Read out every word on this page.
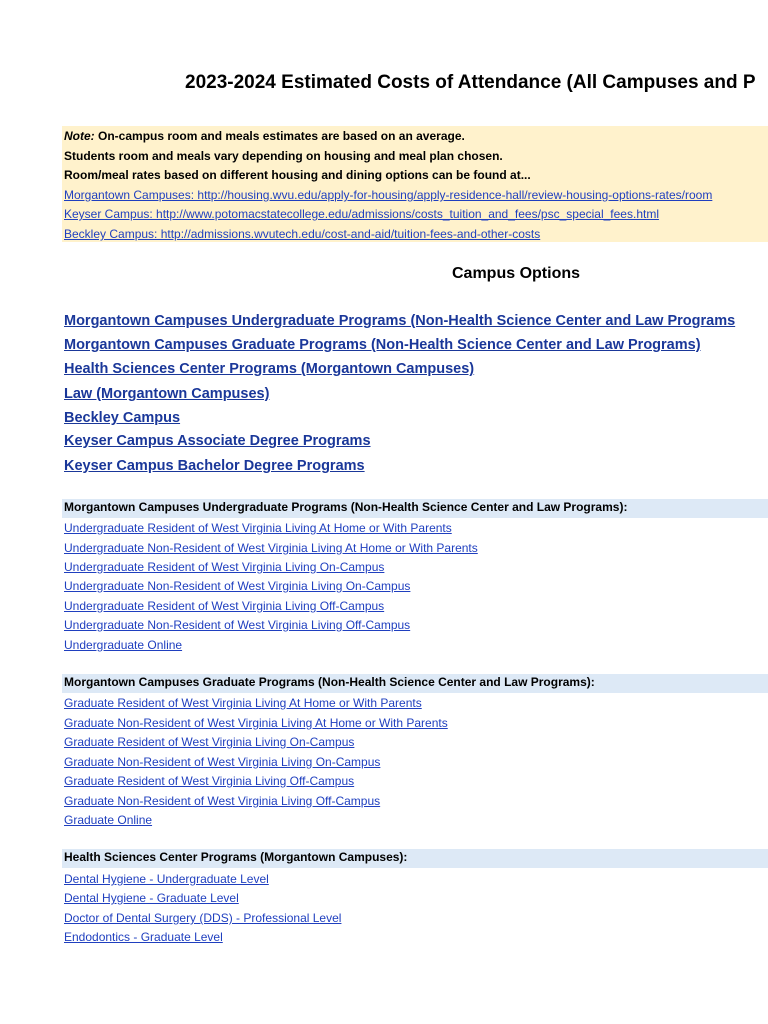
2023-2024 Estimated Costs of Attendance (All Campuses and P
Note: On-campus room and meals estimates are based on an average.
Students room and meals vary depending on housing and meal plan chosen.
Room/meal rates based on different housing and dining options can be found at...
Morgantown Campuses: http://housing.wvu.edu/apply-for-housing/apply-residence-hall/review-housing-options-rates/room
Keyser Campus: http://www.potomacstatecollege.edu/admissions/costs_tuition_and_fees/psc_special_fees.html
Beckley Campus: http://admissions.wvutech.edu/cost-and-aid/tuition-fees-and-other-costs
Campus Options
Morgantown Campuses Undergraduate Programs (Non-Health Science Center and Law Programs
Morgantown Campuses Graduate Programs (Non-Health Science Center and Law Programs)
Health Sciences Center Programs (Morgantown Campuses)
Law (Morgantown Campuses)
Beckley Campus
Keyser Campus Associate Degree Programs
Keyser Campus Bachelor Degree Programs
Morgantown Campuses Undergraduate Programs (Non-Health Science Center and Law Programs):
Undergraduate Resident of West Virginia Living At Home or With Parents
Undergraduate Non-Resident of West Virginia Living At Home or With Parents
Undergraduate Resident of West Virginia Living On-Campus
Undergraduate Non-Resident of West Virginia Living On-Campus
Undergraduate Resident of West Virginia Living Off-Campus
Undergraduate Non-Resident of West Virginia Living Off-Campus
Undergraduate Online
Morgantown Campuses Graduate Programs (Non-Health Science Center and Law Programs):
Graduate Resident of West Virginia Living At Home or With Parents
Graduate Non-Resident of West Virginia Living At Home or With Parents
Graduate Resident of West Virginia Living On-Campus
Graduate Non-Resident of West Virginia Living On-Campus
Graduate Resident of West Virginia Living Off-Campus
Graduate Non-Resident of West Virginia Living Off-Campus
Graduate Online
Health Sciences Center Programs (Morgantown Campuses):
Dental Hygiene - Undergraduate Level
Dental Hygiene - Graduate Level
Doctor of Dental Surgery (DDS) - Professional Level
Endodontics - Graduate Level
